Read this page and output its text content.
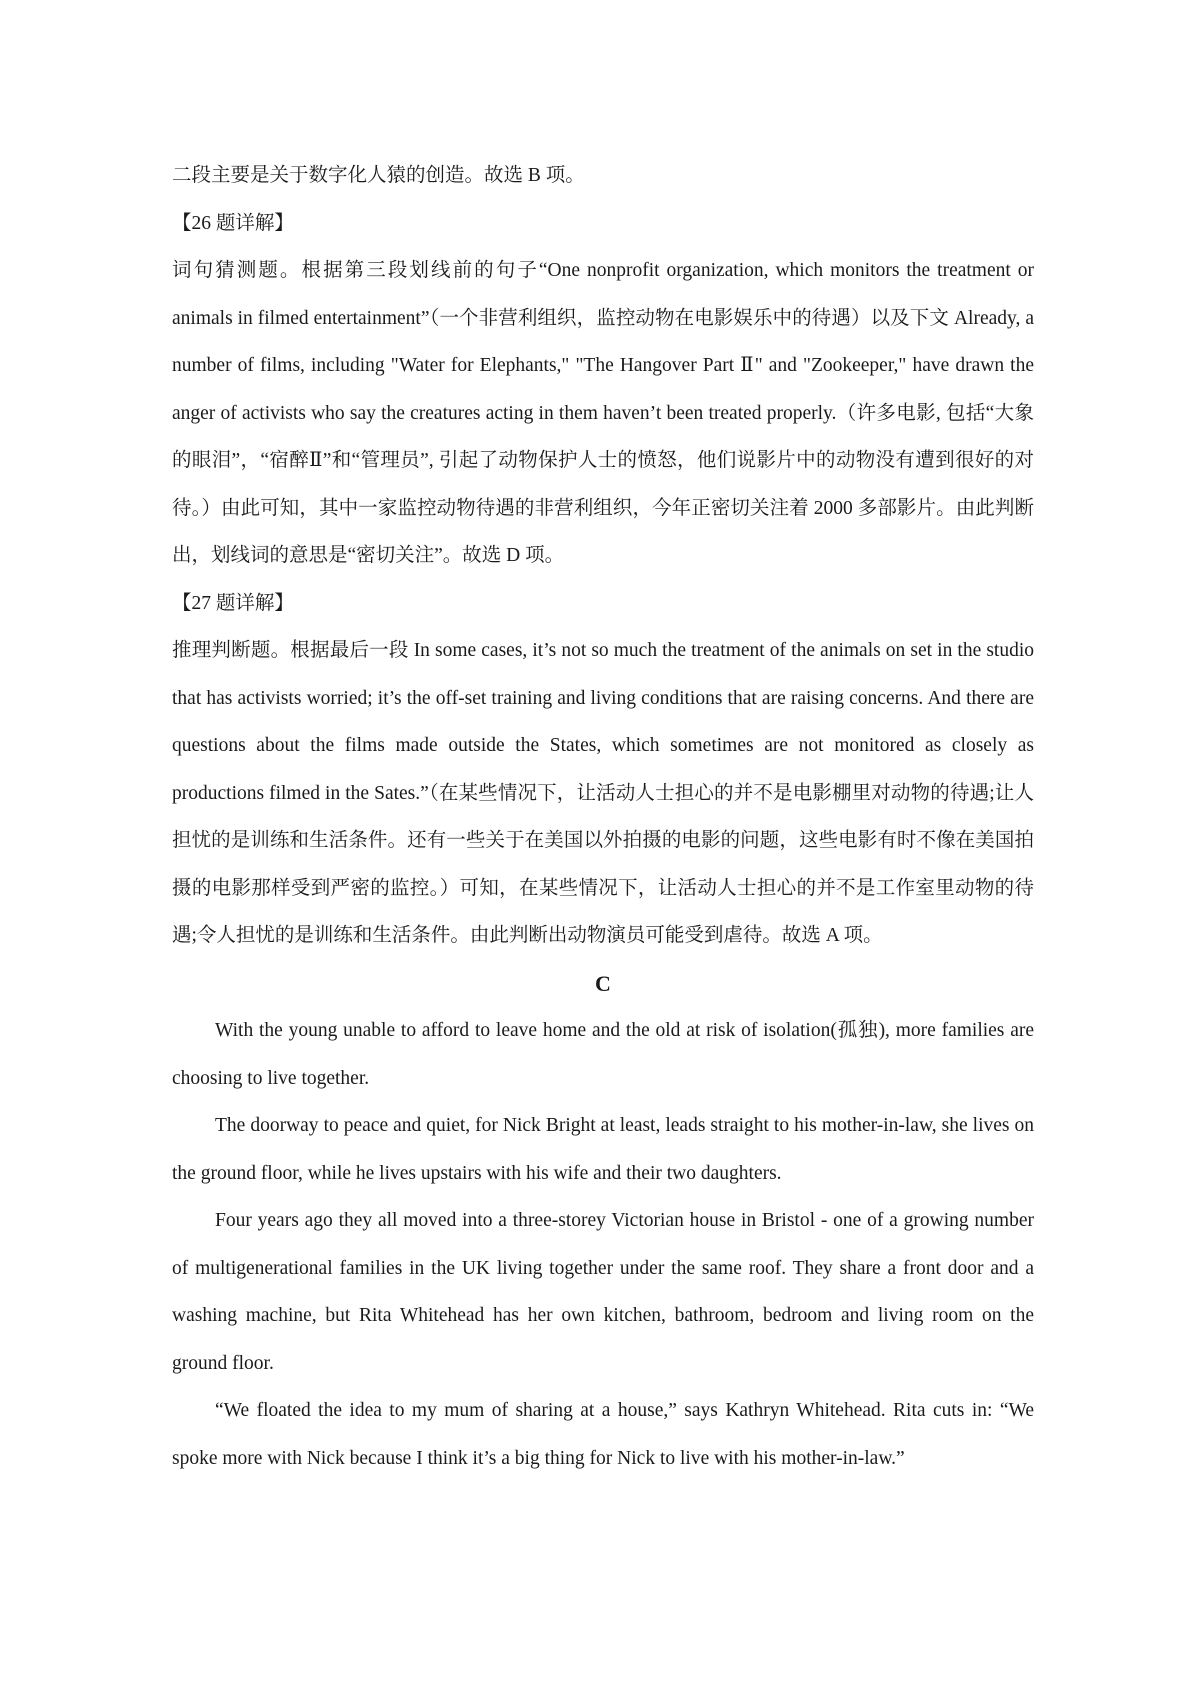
二段主要是关于数字化人猿的创造。故选 B 项。

【26 题详解】

词句猜测题。根据第三段划线前的句子“One nonprofit organization, which monitors the treatment or animals in filmed entertainment”（一个非营利组织，监控动物在电影娱乐中的待遇）以及下文 Already, a number of films, including "Water for Elephants," "The Hangover Part Ⅱ" and "Zookeeper," have drawn the anger of activists who say the creatures acting in them haven’t been treated properly.（许多电影, 包括“大象的眼泪”，“宿醉Ⅱ”和“管理员”, 引起了动物保护人士的愤怒，他们说影片中的动物没有遭到很好的对待。）由此可知，其中一家监控动物待遇的非营利组织，今年正密切关注着 2000 多部影片。由此判断出，划线词的意思是“密切关注”。故选 D 项。

【27 题详解】

推理判断题。根据最后一段 In some cases, it’s not so much the treatment of the animals on set in the studio that has activists worried; it’s the off-set training and living conditions that are raising concerns. And there are questions about the films made outside the States, which sometimes are not monitored as closely as productions filmed in the Sates.”（在某些情况下，让活动人士担心的并不是电影棚里对动物的待遇;让人担忧的是训练和生活条件。还有一些关于在美国以外拍摄的电影的问题，这些电影有时不像在美国拍摄的电影那样受到严密的监控。）可知，在某些情况下，让活动人士担心的并不是工作室里动物的待遇;令人担忧的是训练和生活条件。由此判断出动物演员可能受到虐待。故选 A 项。

C

With the young unable to afford to leave home and the old at risk of isolation(孤独), more families are choosing to live together.

The doorway to peace and quiet, for Nick Bright at least, leads straight to his mother-in-law, she lives on the ground floor, while he lives upstairs with his wife and their two daughters.

Four years ago they all moved into a three-storey Victorian house in Bristol - one of a growing number of multigenerational families in the UK living together under the same roof. They share a front door and a washing machine, but Rita Whitehead has her own kitchen, bathroom, bedroom and living room on the ground floor.

“We floated the idea to my mum of sharing at a house,” says Kathryn Whitehead. Rita cuts in: “We spoke more with Nick because I think it’s a big thing for Nick to live with his mother-in-law.”
